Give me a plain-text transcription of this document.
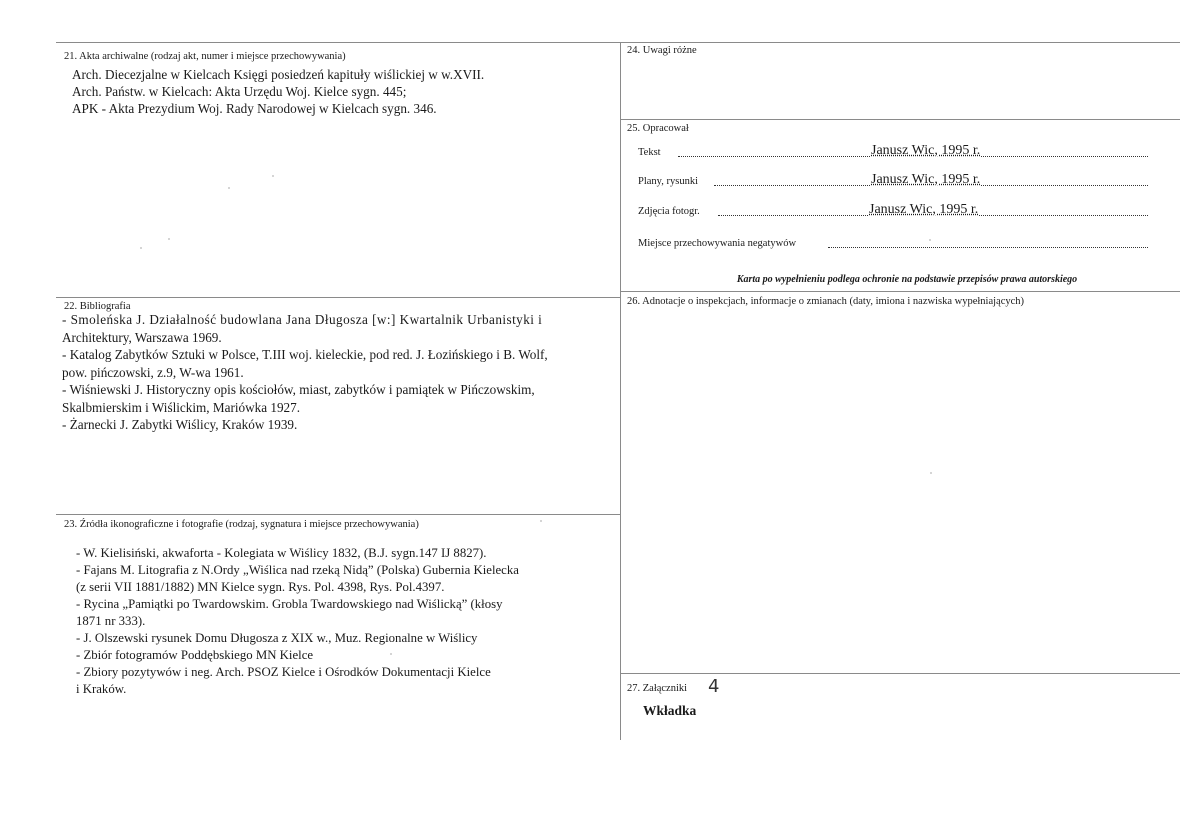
21. Akta archiwalne (rodzaj akt, numer i miejsce przechowywania)
Arch. Diecezjalne w Kielcach Księgi posiedzeń kapituły wiślickiej w w.XVII.
Arch. Państw. w Kielcach: Akta Urzędu Woj. Kielce sygn. 445;
APK - Akta Prezydium Woj. Rady Narodowej w Kielcach sygn. 346.
22. Bibliografia
- Smoleńska J. Działalność budowlana Jana Długosza [w:] Kwartalnik Urbanistyki i
Architektury, Warszawa 1969.
- Katalog Zabytków Sztuki w Polsce, T.III woj. kieleckie, pod red. J. Łozińskiego i B. Wolf,
pow. pińczowski, z.9, W-wa 1961.
- Wiśniewski J. Historyczny opis kościołów, miast, zabytków i pamiątek w Pińczowskim,
Skalbmierskim i Wiślickim, Mariówka 1927.
- Żarnecki J. Zabytki Wiślicy, Kraków 1939.
23. Źródła ikonograficzne i fotografie (rodzaj, sygnatura i miejsce przechowywania)
- W. Kielisiński, akwaforta - Kolegiata w Wiślicy 1832, (B.J. sygn.147 IJ 8827).
- Fajans M. Litografia z N.Ordy „Wiślica nad rzeką Nidą” (Polska) Gubernia Kielecka
(z serii VII 1881/1882) MN Kielce sygn. Rys. Pol. 4398, Rys. Pol.4397.
- Rycina „Pamiątki po Twardowskim. Grobla Twardowskiego nad Wiślicką” (kłosy
1871 nr 333).
- J. Olszewski rysunek Domu Długosza z XIX w., Muz. Regionalne w Wiślicy
- Zbiór fotogramów Poddębskiego MN Kielce
- Zbiory pozytywów i neg. Arch. PSOZ Kielce i Ośrodków Dokumentacji Kielce
i Kraków.
24. Uwagi różne
25. Opracował
Tekst	Janusz Wic, 1995 r.
Plany, rysunki	Janusz Wic, 1995 r.
Zdjęcia fotogr.	Janusz Wic, 1995 r.
Miejsce przechowywania negatywów
Karta po wypełnieniu podlega ochronie na podstawie przepisów prawa autorskiego
26. Adnotacje o inspekcjach, informacje o zmianach (daty, imiona i nazwiska wypełniających)
27. Załączniki 4
Wkładka
